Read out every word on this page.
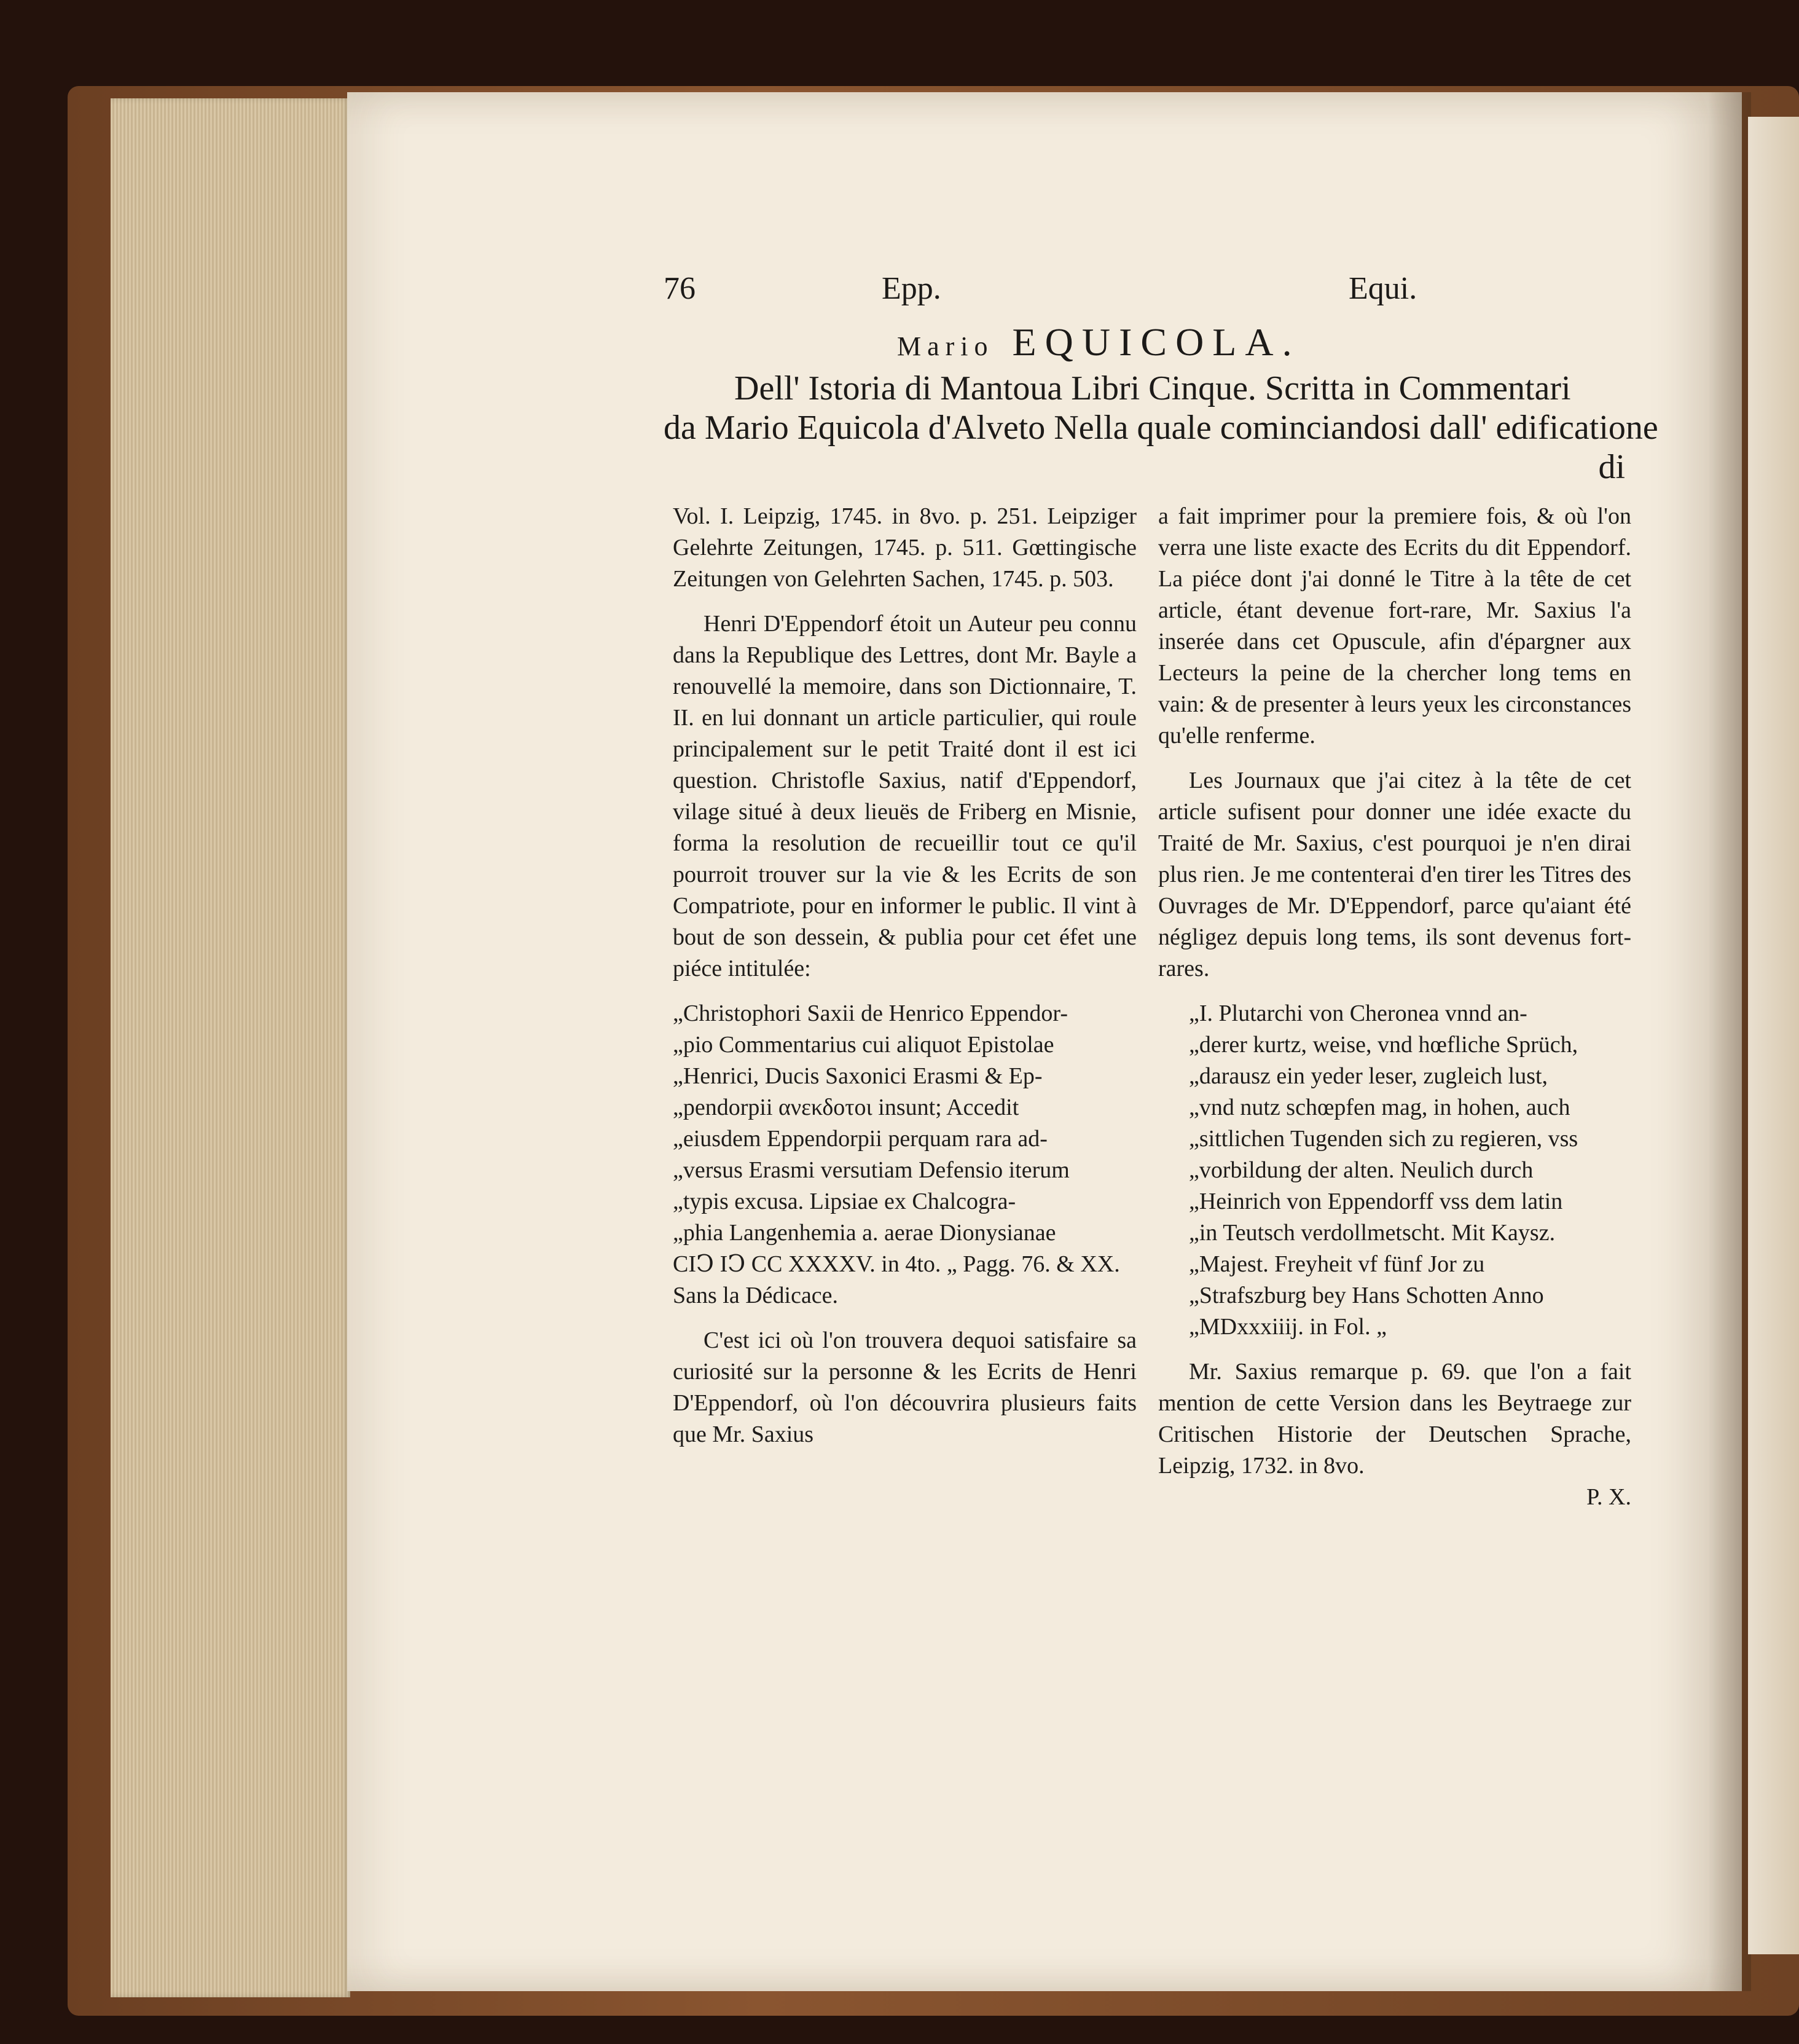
76	Epp.	Equi.
Mario EQUICOLA.
Dell' Istoria di Mantoua Libri Cinque. Scritta in Commentari
da Mario Equicola d'Alveto Nella quale cominciandosi dall' edificatione
di

Vol. I. Leipzig, 1745. in 8vo. p. 251. Leipziger Gelehrte Zeitungen, 1745. p. 511. Gœttingische Zeitungen von Gelehrten Sachen, 1745. p. 503.

Henri D'Eppendorf étoit un Auteur peu connu dans la Republique des Lettres, dont Mr. Bayle a renouvellé la memoire, dans son Dictionnaire, T. II. en lui donnant un article particulier, qui roule principalement sur le petit Traité dont il est ici question. Christofle Saxius, natif d'Eppendorf, vilage situé à deux lieuës de Friberg en Misnie, forma la resolution de recueillir tout ce qu'il pourroit trouver sur la vie & les Ecrits de son Compatriote, pour en informer le public. Il vint à bout de son dessein, & publia pour cet éfet une piéce intitulée:

„Christophori Saxii de Henrico Eppendor-
„pio Commentarius cui aliquot Epistolae
„Henrici, Ducis Saxonici Erasmi & Ep-
„pendorpii ανεκδοτοι insunt; Accedit
„eiusdem Eppendorpii perquam rara ad-
„versus Erasmi versutiam Defensio iterum
„typis excusa. Lipsiae ex Chalcogra-
„phia Langenhemia a. aerae Dionysianae
CIↃ IↃ CC XXXXV. in 4to. „ Pagg. 76. & XX.
Sans la Dédicace.

C'est ici où l'on trouvera dequoi satisfaire sa curiosité sur la personne & les Ecrits de Henri D'Eppendorf, où l'on découvrira plusieurs faits que Mr. Saxius

a fait imprimer pour la premiere fois, & où l'on verra une liste exacte des Ecrits du dit Eppendorf. La piéce dont j'ai donné le Titre à la tête de cet article, étant devenue fort-rare, Mr. Saxius l'a inserée dans cet Opuscule, afin d'épargner aux Lecteurs la peine de la chercher long tems en vain: & de presenter à leurs yeux les circonstances qu'elle renferme.

Les Journaux que j'ai citez à la tête de cet article sufisent pour donner une idée exacte du Traité de Mr. Saxius, c'est pourquoi je n'en dirai plus rien. Je me contenterai d'en tirer les Titres des Ouvrages de Mr. D'Eppendorf, parce qu'aiant été négligez depuis long tems, ils sont devenus fort-rares.

„I. Plutarchi von Cheronea vnnd an-
„derer kurtz, weise, vnd hœfliche Sprüch,
„darausz ein yeder leser, zugleich lust,
„vnd nutz schœpfen mag, in hohen, auch
„sittlichen Tugenden sich zu regieren, vss
„vorbildung der alten. Neulich durch
„Heinrich von Eppendorff vss dem latin
„in Teutsch verdollmetscht. Mit Kaysz.
„Majest. Freyheit vf fünf Jor zu
„Strafszburg bey Hans Schotten Anno
„MDxxxiiij. in Fol. „

Mr. Saxius remarque p. 69. que l'on a fait mention de cette Version dans les Beytraege zur Critischen Historie der Deutschen Sprache, Leipzig, 1732. in 8vo.

P. X.
